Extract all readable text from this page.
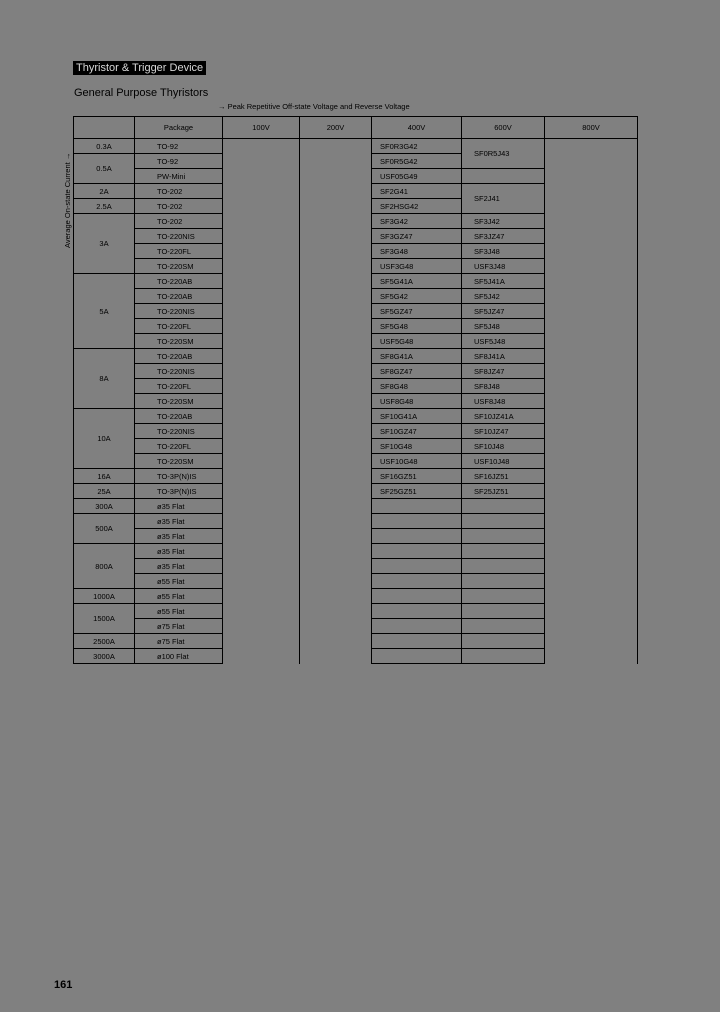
Thyristor & Trigger Device
General Purpose Thyristors
→ Peak Repetitive Off-state Voltage and Reverse Voltage
Average On-state Current →
	Package	100V	200V	400V	600V	800V
0.3A	TO-92			SF0R3G42	SF0R5J43	
0.5A	TO-92			SF0R5G42		
	PW-Mini			USF05G49		
2A	TO-202			SF2G41	SF2J41	
2.5A	TO-202			SF2HSG42		
3A	TO-202			SF3G42	SF3J42	
	TO-220NIS			SF3GZ47	SF3JZ47	
	TO-220FL			SF3G48	SF3J48	
	TO-220SM			USF3G48	USF3J48	
5A	TO-220AB			SF5G41A	SF5J41A	
	TO-220AB			SF5G42	SF5J42	
	TO-220NIS			SF5GZ47	SF5JZ47	
	TO-220FL			SF5G48	SF5J48	
	TO-220SM			USF5G48	USF5J48	
8A	TO-220AB			SF8G41A	SF8J41A	
	TO-220NIS			SF8GZ47	SF8JZ47	
	TO-220FL			SF8G48	SF8J48	
	TO-220SM			USF8G48	USF8J48	
10A	TO-220AB			SF10G41A	SF10JZ41A	
	TO-220NIS			SF10GZ47	SF10JZ47	
	TO-220FL			SF10G48	SF10J48	
	TO-220SM			USF10G48	USF10J48	
16A	TO-3P(N)IS			SF16GZ51	SF16JZ51	
25A	TO-3P(N)IS			SF25GZ51	SF25JZ51	
300A	ø35 Flat					
500A	ø35 Flat					
	ø35 Flat					
800A	ø35 Flat					
	ø35 Flat					
	ø55 Flat					
1000A	ø55 Flat					
1500A	ø55 Flat					
	ø75 Flat					
2500A	ø75 Flat					
3000A	ø100 Flat					
161
